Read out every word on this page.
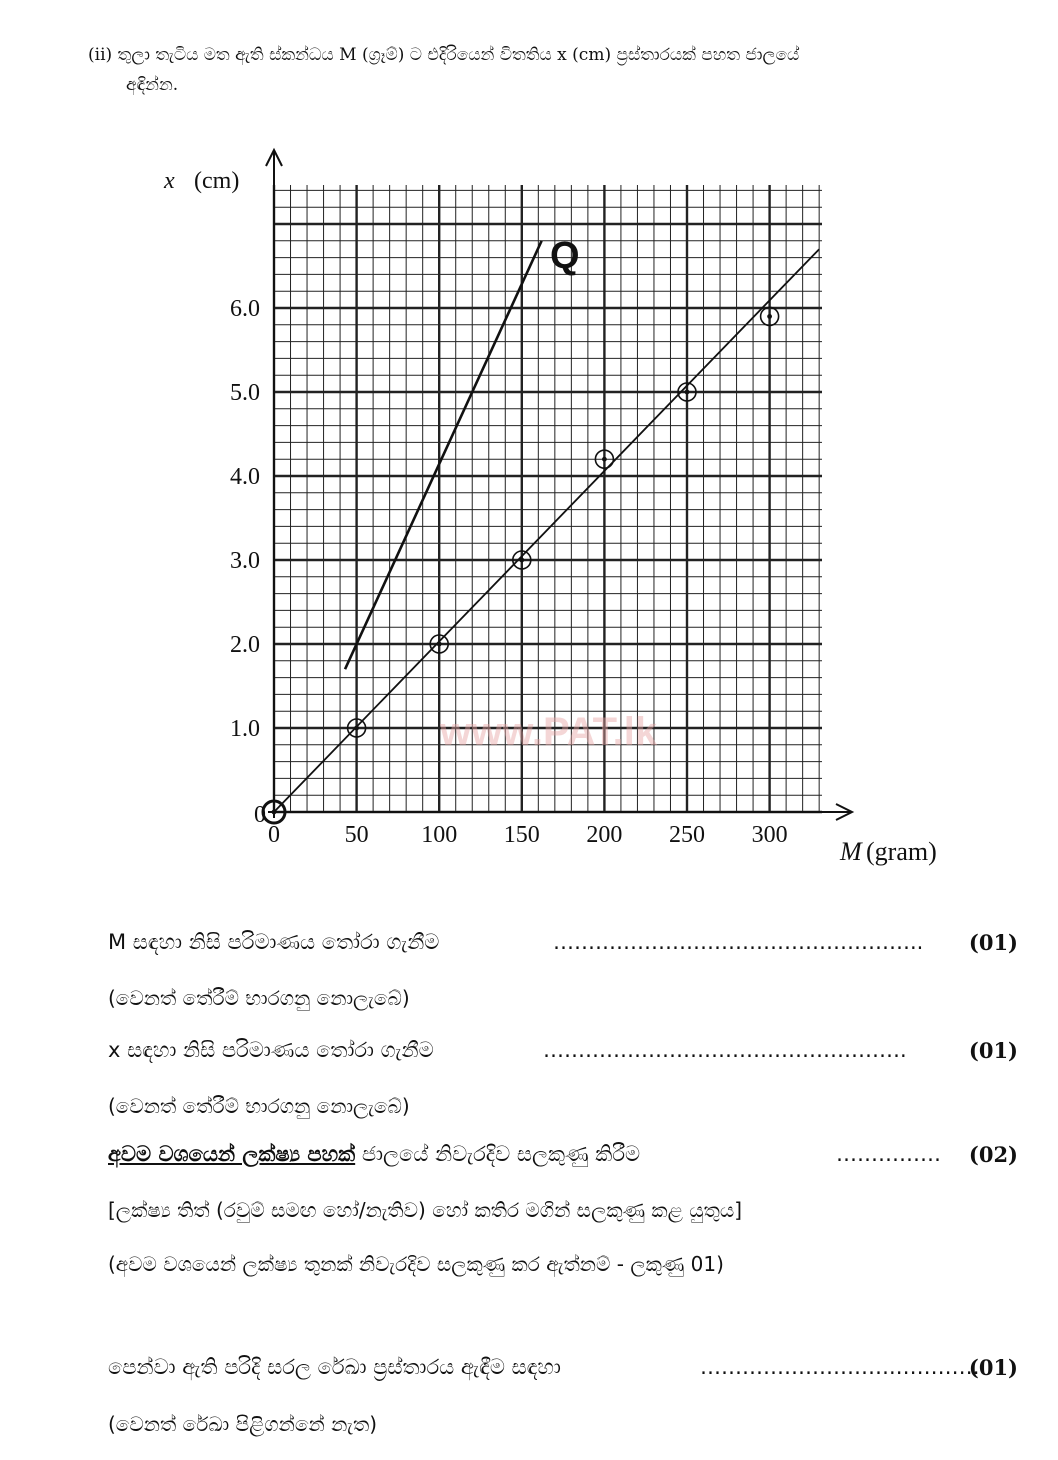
(ii) තුලා තැටිය මත ඇති ස්කන්ධය M (ග්‍රෑම්) ට එදිරියෙන් විතතිය x (cm) ප්‍රස්තාරයක් පහත ජාලයේ
අඳින්න.
0	50 100 150 200 250 300
1.0
2.0
3.0
4.0
5.0
6.0
www.PAT.lk
x (cm)
M (gram)
0
Q
M සඳහා නිසි පරිමාණය තෝරා ගැනීම	…………………………………………….. (01)
(වෙනත් තේරීම් භාරගනු නොලැබේ)
x සඳහා නිසි පරිමාණය තෝරා ගැනීම	…………………………………………….	(01)
(වෙනත් තේරීම් භාරගනු නොලැබේ)
අවම වශයෙන් ලක්ෂ්‍ය පහක් ජාලයේ නිවැරදිව සලකුණු කිරීම	…………… (02)
[ලක්ෂ්‍ය තිත් (රවුම් සමඟ හෝ/නැතිව) හෝ කතිර මගින් සලකුණු කළ යුතුය]
(අවම වශයෙන් ලක්ෂ්‍ය තුනක් නිවැරදිව සලකුණු කර ඇත්නම් - ලකුණු 01)
පෙන්වා ඇති පරිදි සරල රේඛා ප්‍රස්තාරය ඇඳීම සඳහා	……………………….…………
(01)
(වෙනත් රේඛා පිළිගන්නේ නැත)
